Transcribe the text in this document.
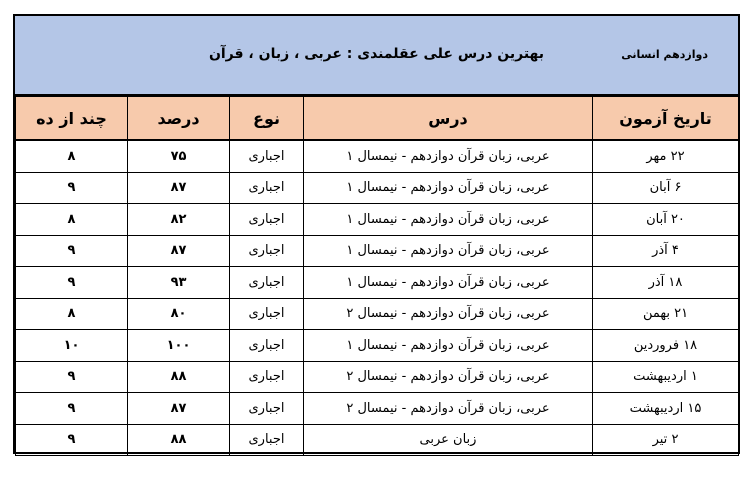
بهترین درس علی عقلمندی : عربی ، زبان ، قرآن	دوازدهم انسانی
تاریخ آزمون	درس	نوع	درصد	چند از ده
۲۲ مهر	عربی، زبان قرآن دوازدهم - نیمسال ۱	اجباری	۷۵	۸
۶ آبان	عربی، زبان قرآن دوازدهم - نیمسال ۱	اجباری	۸۷	۹
۲۰ آبان	عربی، زبان قرآن دوازدهم - نیمسال ۱	اجباری	۸۲	۸
۴ آذر	عربی، زبان قرآن دوازدهم - نیمسال ۱	اجباری	۸۷	۹
۱۸ آذر	عربی، زبان قرآن دوازدهم - نیمسال ۱	اجباری	۹۳	۹
۲۱ بهمن	عربی، زبان قرآن دوازدهم - نیمسال ۲	اجباری	۸۰	۸
۱۸ فروردین	عربی، زبان قرآن دوازدهم - نیمسال ۱	اجباری	۱۰۰	۱۰
۱ اردیبهشت	عربی، زبان قرآن دوازدهم - نیمسال ۲	اجباری	۸۸	۹
۱۵ اردیبهشت	عربی، زبان قرآن دوازدهم - نیمسال ۲	اجباری	۸۷	۹
۲ تیر	زبان عربی	اجباری	۸۸	۹
